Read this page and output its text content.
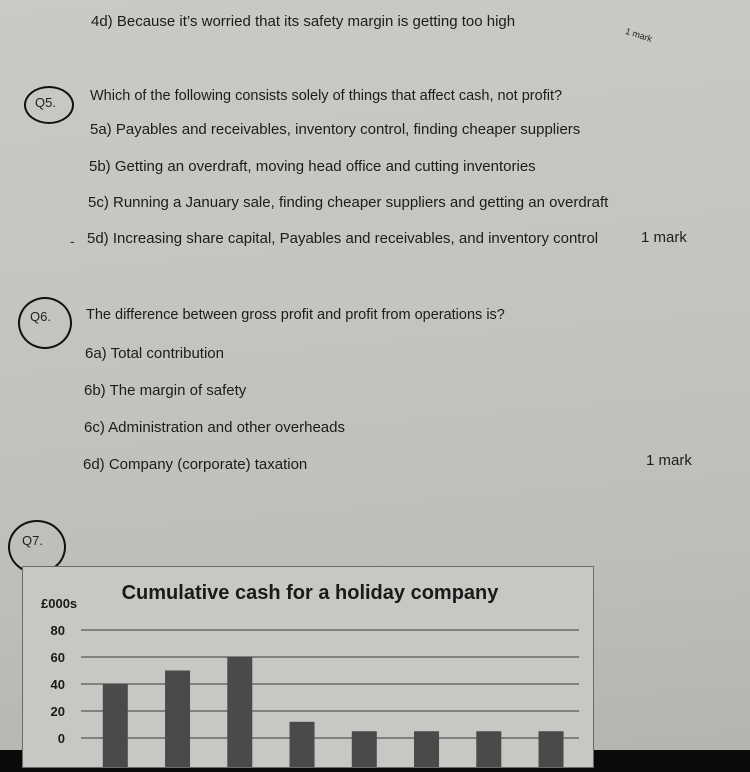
4d) Because it’s worried that its safety margin is getting too high
1 mark
Q5. Which of the following consists solely of things that affect cash, not profit?
5a) Payables and receivables, inventory control, finding cheaper suppliers
5b) Getting an overdraft, moving head office and cutting inventories
5c) Running a January sale, finding cheaper suppliers and getting an overdraft
- 5d) Increasing share capital, Payables and receivables, and inventory control	1 mark
Q6. The difference between gross profit and profit from operations is?
6a) Total contribution
6b) The margin of safety
6c) Administration and other overheads
6d) Company (corporate) taxation	1 mark
Q7.
Cumulative cash for a holiday company
£000s
0
20
40
60
80
